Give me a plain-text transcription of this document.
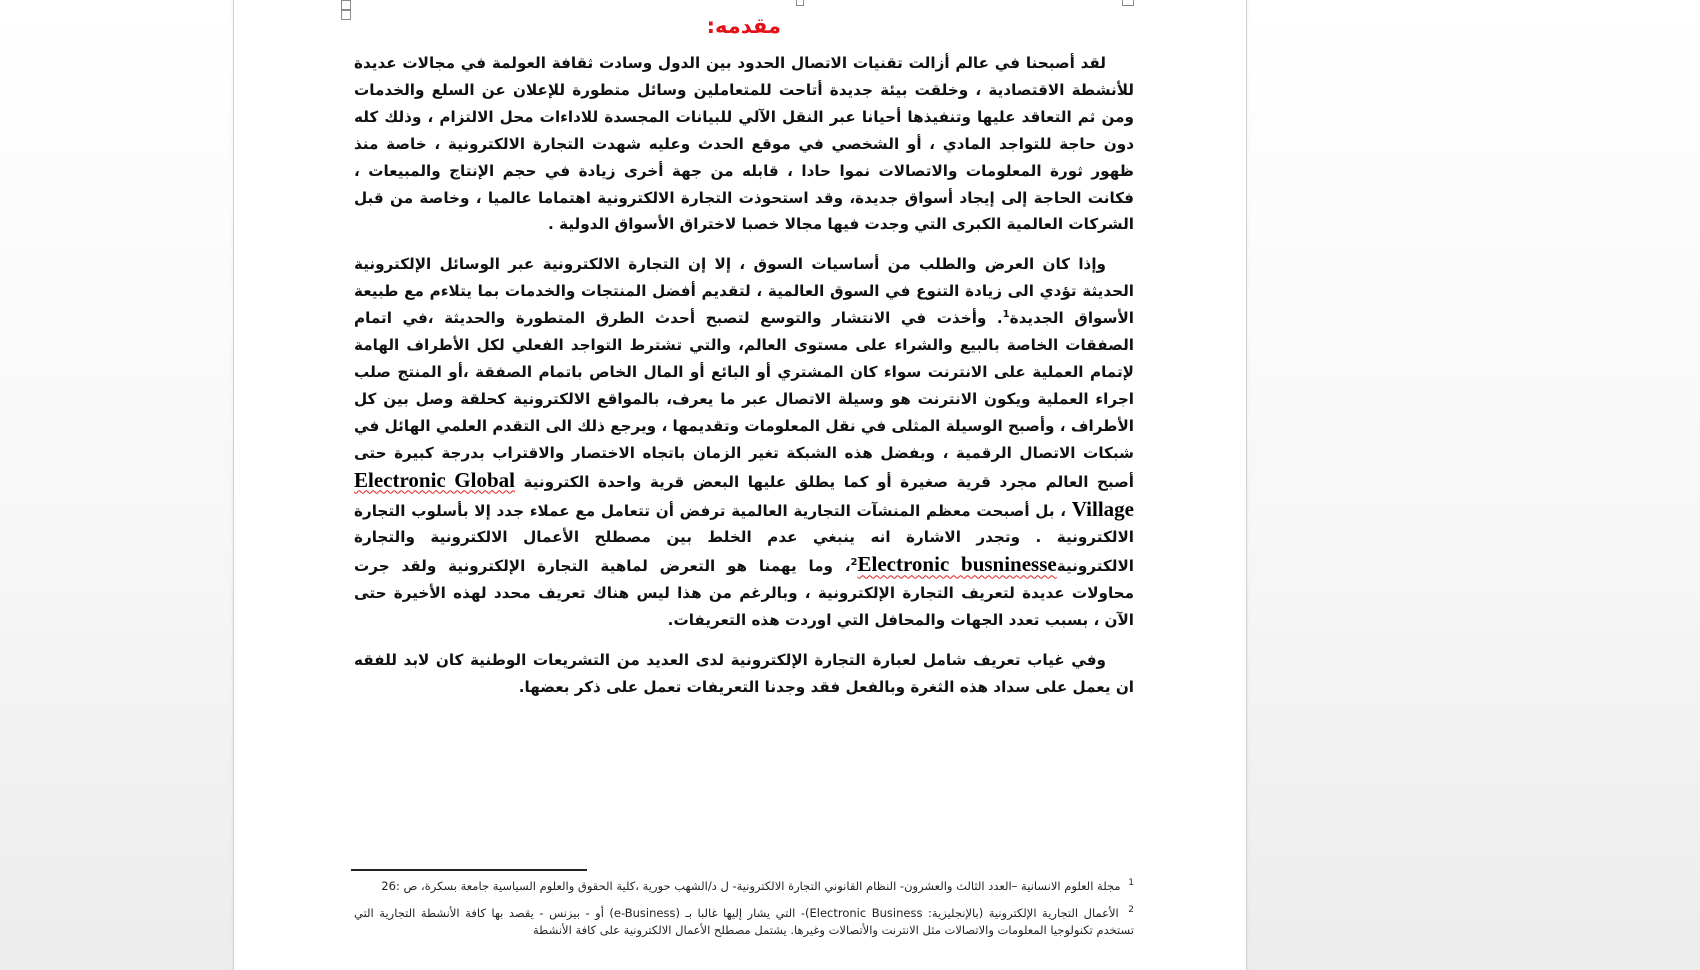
مقدمه:
لقد أصبحنا في عالم أزالت تقنيات الاتصال الحدود بين الدول وسادت ثقافة العولمة في مجالات عديدة للأنشطة الاقتصادية ، وخلقت بيئة جديدة أتاحت للمتعاملين وسائل متطورة للإعلان عن السلع والخدمات ومن ثم التعاقد عليها وتنفيذها أحيانا عبر النقل الآلي للبيانات المجسدة للاداءات محل الالتزام ، وذلك كله دون حاجة للتواجد المادي ، أو الشخصي في موقع الحدث وعليه شهدت التجارة الالكترونية ، خاصة منذ ظهور ثورة المعلومات والاتصالات نموا حادا ، قابله من جهة أخرى زيادة في حجم الإنتاج والمبيعات ، فكانت الحاجة إلى إيجاد أسواق جديدة، وقد استحوذت التجارة الالكترونية اهتماما عالميا ، وخاصة من قبل الشركات العالمية الكبرى التي وجدت فيها مجالا خصبا لاختراق الأسواق الدولية .
وإذا كان العرض والطلب من أساسيات السوق ، إلا إن التجارة الالكترونية عبر الوسائل الإلكترونية الحديثة تؤدي الى زيادة التنوع في السوق العالمية ، لتقديم أفضل المنتجات والخدمات بما يتلاءم مع طبيعة الأسواق الجديدة$^1$. وأخذت في الانتشار والتوسع لتصبح أحدث الطرق المتطورة والحديثة ،في اتمام الصفقات الخاصة بالبيع والشراء على مستوى العالم، والتي تشترط التواجد الفعلي لكل الأطراف الهامة لإتمام العملية على الانترنت سواء كان المشتري أو البائع أو المال الخاص باتمام الصفقة ،أو المنتج صلب اجراء العملية ويكون الانترنت هو وسيلة الاتصال عبر ما يعرف، بالمواقع الالكترونية كحلقة وصل بين كل الأطراف ، وأصبح الوسيلة المثلى في نقل المعلومات وتقديمها ، ويرجع ذلك الى التقدم العلمي الهائل في شبكات الاتصال الرقمية ، وبفضل هذه الشبكة تغير الزمان باتجاه الاختصار والاقتراب بدرجة كبيرة حتى أصبح العالم مجرد قرية صغيرة أو كما يطلق عليها البعض قرية واحدة الكترونية Electronic Global Village ، بل أصبحت معظم المنشآت التجارية العالمية ترفض أن تتعامل مع عملاء جدد إلا بأسلوب التجارة الالكترونية . وتجدر الاشارة انه ينبغي عدم الخلط بين مصطلح الأعمال الالكترونية والتجارة الالكترونية$^2$Electronic busninesse، وما يهمنا هو التعرض لماهية التجارة الإلكترونية ولقد جرت محاولات عديدة لتعريف التجارة الإلكترونية ، وبالرغم من هذا ليس هناك تعريف محدد لهذه الأخيرة حتى الآن ، بسبب تعدد الجهات والمحافل التي اوردت هذه التعريفات.
وفي غياب تعريف شامل لعبارة التجارة الإلكترونية لدى العديد من التشريعات الوطنية كان لابد للفقه ان يعمل على سداد هذه الثغرة وبالفعل فقد وجدنا التعريفات تعمل على ذكر بعضها.
$^1$ مجلة العلوم الانسانية –العدد الثالث والعشرون- النظام القانوني التجارة الالكترونية- ل د/الشهب حورية ،كلية الحقوق والعلوم السياسية جامعة بسكرة، ص :26
$^2$ الأعمال التجارية الإلكترونية (بالإنجليزية: Electronic Business)- التي يشار إليها غالبا بـ (e-Business) أو - بيزنس - يقصد بها كافة الأنشطة التجارية التي تستخدم تكنولوجيا المعلومات والاتصالات مثل الانترنت والأتصالات وغيرها. يشتمل مصطلح الأعمال الالكترونية على كافة الأنشطة
